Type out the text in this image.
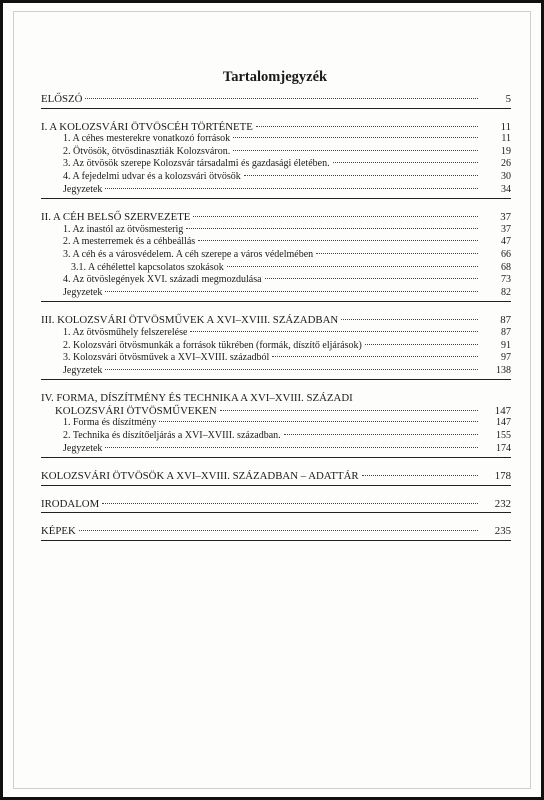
Tartalomjegyzék
ELŐSZÓ	5
I. A KOLOZSVÁRI ÖTVÖSCÉH TÖRTÉNETE	11
1. A céhes mesterekre vonatkozó források	11
2. Ötvösök, ötvösdinasztiák Kolozsváron.	19
3. Az ötvösök szerepe Kolozsvár társadalmi és gazdasági életében.	26
4. A fejedelmi udvar és a kolozsvári ötvösök	30
Jegyzetek	34
II. A CÉH BELSŐ SZERVEZETE	37
1. Az inastól az ötvösmesterig	37
2. A mesterremek és a céhbeállás	47
3. A céh és a városvédelem. A céh szerepe a város védelmében	66
3.1. A céhélettel kapcsolatos szokások	68
4. Az ötvöslegények XVI. századi megmozdulása	73
Jegyzetek	82
III. KOLOZSVÁRI ÖTVÖSMŰVEK A XVI–XVIII. SZÁZADBAN	87
1. Az ötvösműhely felszerelése	87
2. Kolozsvári ötvösmunkák a források tükrében (formák, díszítő eljárások)	91
3. Kolozsvári ötvösművek a XVI–XVIII. századból	97
Jegyzetek	138
IV. FORMA, DÍSZÍTMÉNY ÉS TECHNIKA A XVI–XVIII. SZÁZADI
KOLOZSVÁRI ÖTVÖSMŰVEKEN	147
1. Forma és díszítmény	147
2. Technika és díszítőeljárás a XVI–XVIII. században.	155
Jegyzetek	174
KOLOZSVÁRI ÖTVÖSÖK A XVI–XVIII. SZÁZADBAN – ADATTÁR	178
IRODALOM	232
KÉPEK	235
